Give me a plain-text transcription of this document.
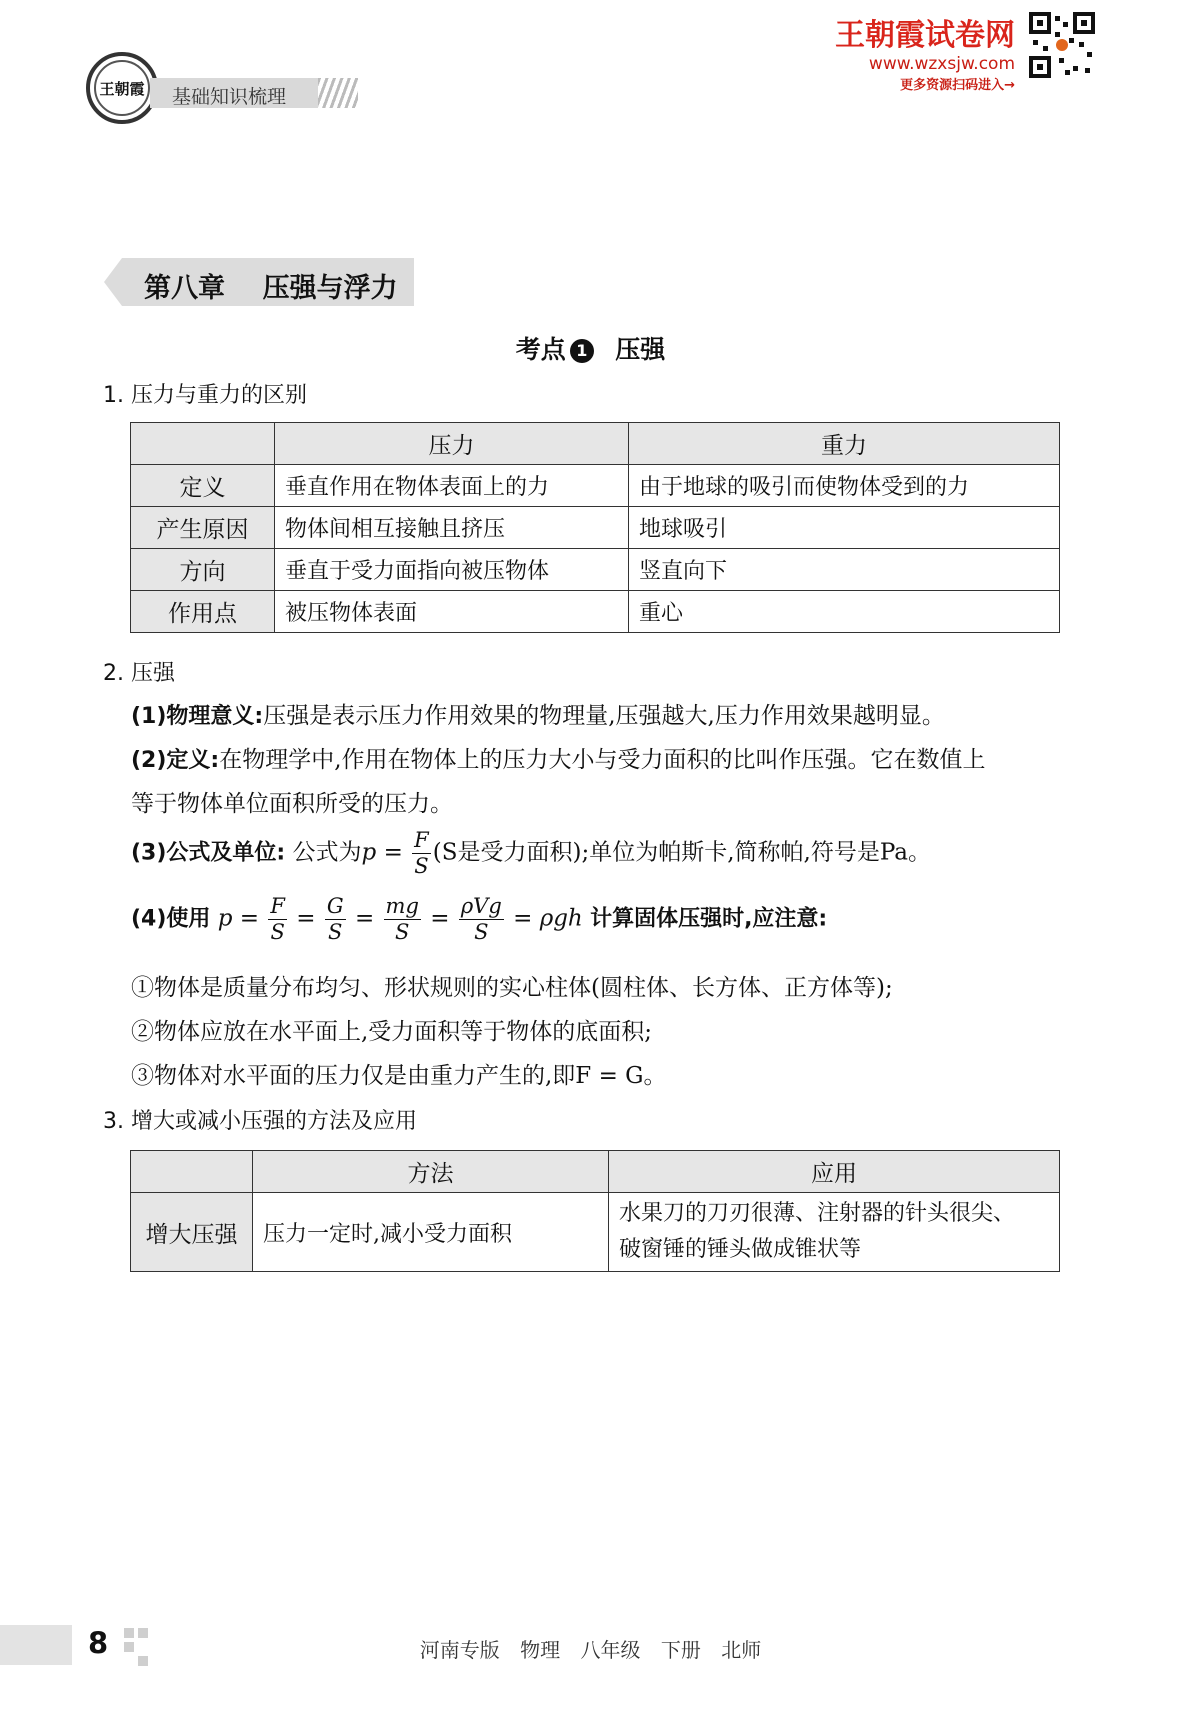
王朝霞 基础知识梳理
王朝霞试卷网
www.wzxsjw.com
更多资源扫码进入→
第八章    压强与浮力
考点 1 压强
1. 压力与重力的区别
	压力	重力
定义	垂直作用在物体表面上的力	由于地球的吸引而使物体受到的力
产生原因	物体间相互接触且挤压	地球吸引
方向	垂直于受力面指向被压物体	竖直向下
作用点	被压物体表面	重心
2. 压强
(1)物理意义:压强是表示压力作用效果的物理量,压强越大,压力作用效果越明显。
(2)定义:在物理学中,作用在物体上的压力大小与受力面积的比叫作压强。它在数值上
等于物体单位面积所受的压力。
(3)公式及单位: 公式为$p = \frac{F}{S} (S$是受力面积);单位为帕斯卡,简称帕,符号是Pa。
(4)使用 $p = \frac{F}{S} = \frac{G}{S} = \frac{mg}{S} = \frac{\text{ρVg}}{S} = \rho gh$ 计算固体压强时,应注意:
①物体是质量分布均匀、形状规则的实心柱体(圆柱体、长方体、正方体等);
②物体应放在水平面上,受力面积等于物体的底面积;
③物体对水平面的压力仅是由重力产生的,即F = G。
3. 增大或减小压强的方法及应用
	方法	应用
增大压强	压力一定时,减小受力面积	水果刀的刀刃很薄、注射器的针头很尖、
破窗锤的锤头做成锥状等
8	河南专版 物理 八年级 下册 北师
